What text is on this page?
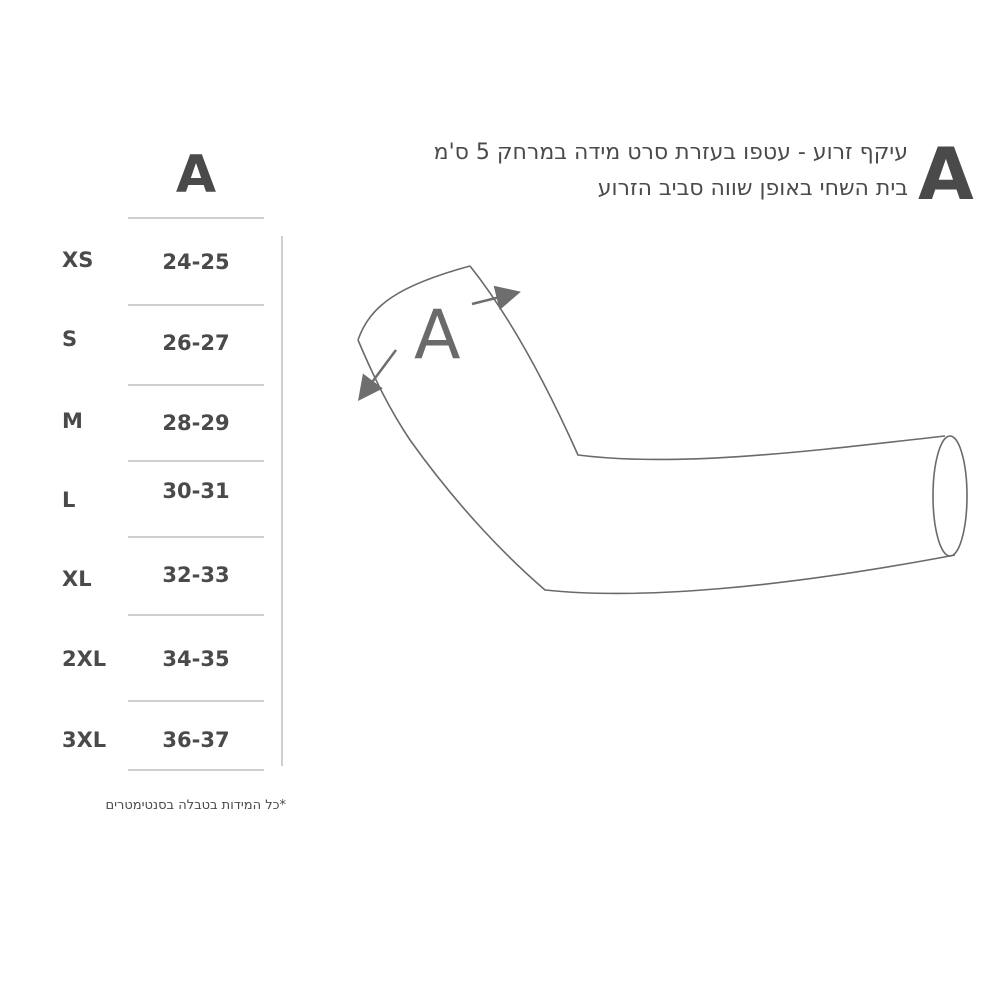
A
XS	24-25
S	26-27
M	28-29
L	30-31
XL	32-33
2XL	34-35
3XL	36-37
*כל המידות בטבלה בסנטימטרים
A
עיקף זרוע - עטפו בעזרת סרט מידה במרחק 5 ס'מ
בית השחי באופן שווה סביב הזרוע
A
